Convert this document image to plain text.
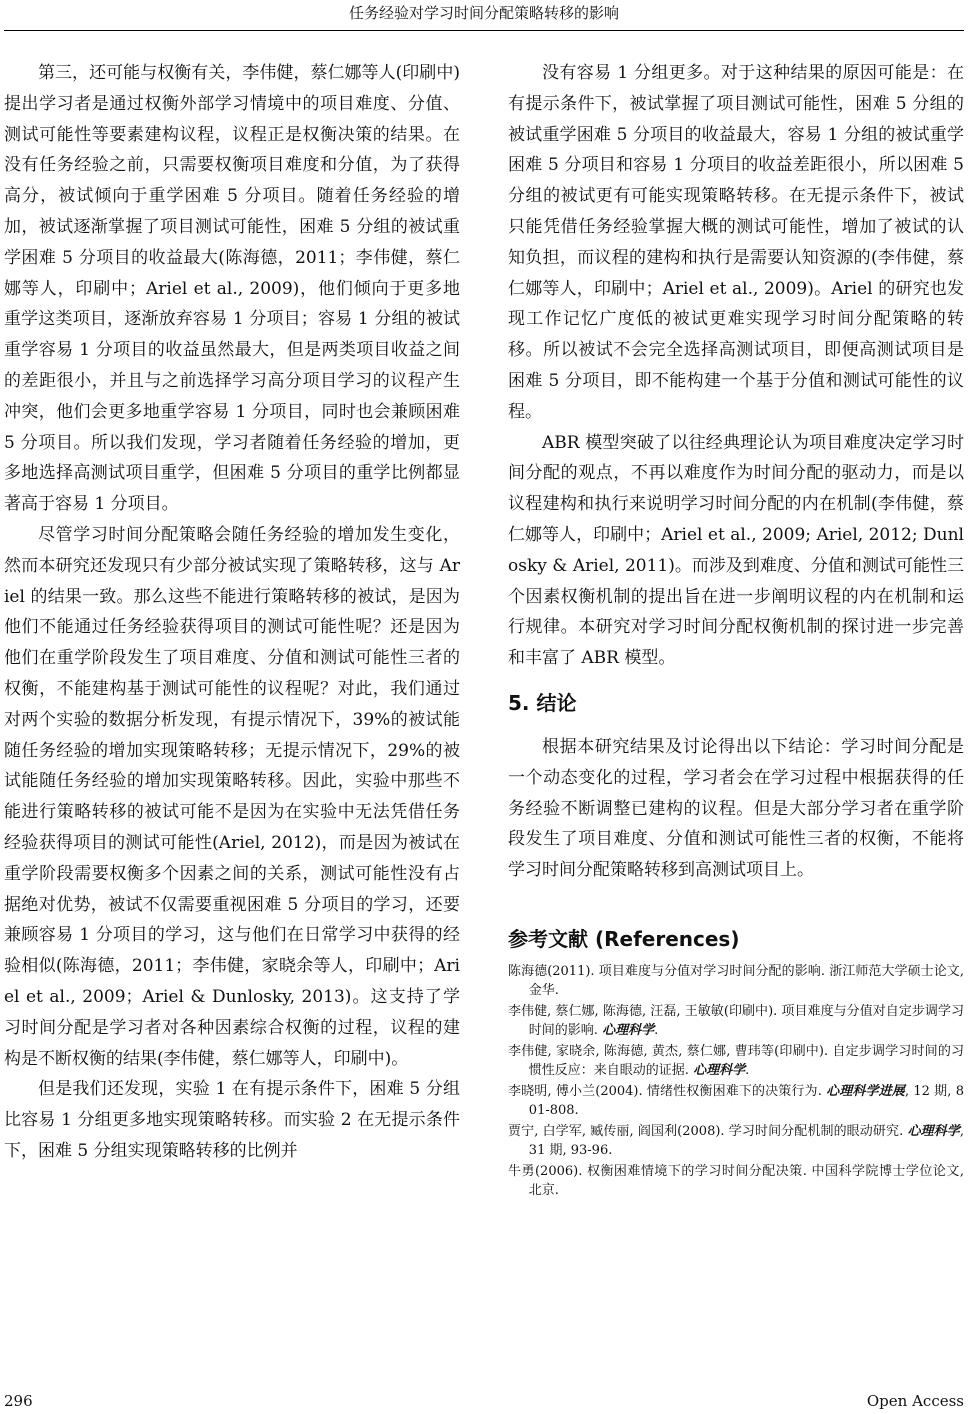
任务经验对学习时间分配策略转移的影响

第三，还可能与权衡有关，李伟健，蔡仁娜等人(印刷中)提出学习者是通过权衡外部学习情境中的项目难度、分值、测试可能性等要素建构议程，议程正是权衡决策的结果。在没有任务经验之前，只需要权衡项目难度和分值，为了获得高分，被试倾向于重学困难 5 分项目。随着任务经验的增加，被试逐渐掌握了项目测试可能性，困难 5 分组的被试重学困难 5 分项目的收益最大(陈海德，2011；李伟健，蔡仁娜等人，印刷中；Ariel et al., 2009)，他们倾向于更多地重学这类项目，逐渐放弃容易 1 分项目；容易 1 分组的被试重学容易 1 分项目的收益虽然最大，但是两类项目收益之间的差距很小，并且与之前选择学习高分项目学习的议程产生冲突，他们会更多地重学容易 1 分项目，同时也会兼顾困难 5 分项目。所以我们发现，学习者随着任务经验的增加，更多地选择高测试项目重学，但困难 5 分项目的重学比例都显著高于容易 1 分项目。

尽管学习时间分配策略会随任务经验的增加发生变化，然而本研究还发现只有少部分被试实现了策略转移，这与 Ariel 的结果一致。那么这些不能进行策略转移的被试，是因为他们不能通过任务经验获得项目的测试可能性呢？还是因为他们在重学阶段发生了项目难度、分值和测试可能性三者的权衡，不能建构基于测试可能性的议程呢？对此，我们通过对两个实验的数据分析发现，有提示情况下，39%的被试能随任务经验的增加实现策略转移；无提示情况下，29%的被试能随任务经验的增加实现策略转移。因此，实验中那些不能进行策略转移的被试可能不是因为在实验中无法凭借任务经验获得项目的测试可能性(Ariel, 2012)，而是因为被试在重学阶段需要权衡多个因素之间的关系，测试可能性没有占据绝对优势，被试不仅需要重视困难 5 分项目的学习，还要兼顾容易 1 分项目的学习，这与他们在日常学习中获得的经验相似(陈海德，2011；李伟健，家晓余等人，印刷中；Ariel et al., 2009；Ariel & Dunlosky, 2013)。这支持了学习时间分配是学习者对各种因素综合权衡的过程，议程的建构是不断权衡的结果(李伟健，蔡仁娜等人，印刷中)。

但是我们还发现，实验 1 在有提示条件下，困难 5 分组比容易 1 分组更多地实现策略转移。而实验 2 在无提示条件下，困难 5 分组实现策略转移的比例并

没有容易 1 分组更多。对于这种结果的原因可能是：在有提示条件下，被试掌握了项目测试可能性，困难 5 分组的被试重学困难 5 分项目的收益最大，容易 1 分组的被试重学困难 5 分项目和容易 1 分项目的收益差距很小，所以困难 5 分组的被试更有可能实现策略转移。在无提示条件下，被试只能凭借任务经验掌握大概的测试可能性，增加了被试的认知负担，而议程的建构和执行是需要认知资源的(李伟健，蔡仁娜等人，印刷中；Ariel et al., 2009)。Ariel 的研究也发现工作记忆广度低的被试更难实现学习时间分配策略的转移。所以被试不会完全选择高测试项目，即便高测试项目是困难 5 分项目，即不能构建一个基于分值和测试可能性的议程。

ABR 模型突破了以往经典理论认为项目难度决定学习时间分配的观点，不再以难度作为时间分配的驱动力，而是以议程建构和执行来说明学习时间分配的内在机制(李伟健，蔡仁娜等人，印刷中；Ariel et al., 2009; Ariel, 2012; Dunlosky & Ariel, 2011)。而涉及到难度、分值和测试可能性三个因素权衡机制的提出旨在进一步阐明议程的内在机制和运行规律。本研究对学习时间分配权衡机制的探讨进一步完善和丰富了 ABR 模型。

5. 结论

根据本研究结果及讨论得出以下结论：学习时间分配是一个动态变化的过程，学习者会在学习过程中根据获得的任务经验不断调整已建构的议程。但是大部分学习者在重学阶段发生了项目难度、分值和测试可能性三者的权衡，不能将学习时间分配策略转移到高测试项目上。

参考文献 (References)

陈海德(2011). 项目难度与分值对学习时间分配的影响. 浙江师范大学硕士论文, 金华.

李伟健, 蔡仁娜, 陈海德, 汪磊, 王敏敏(印刷中). 项目难度与分值对自定步调学习时间的影响. 心理科学.

李伟健, 家晓余, 陈海德, 黄杰, 蔡仁娜, 曹玮等(印刷中). 自定步调学习时间的习惯性反应：来自眼动的证据. 心理科学.

李晓明, 傅小兰(2004). 情绪性权衡困难下的决策行为. 心理科学进展, 12 期, 801-808.

贾宁, 白学军, 臧传丽, 阎国利(2008). 学习时间分配机制的眼动研究. 心理科学, 31 期, 93-96.

牛勇(2006). 权衡困难情境下的学习时间分配决策. 中国科学院博士学位论文, 北京.

296	Open Access
